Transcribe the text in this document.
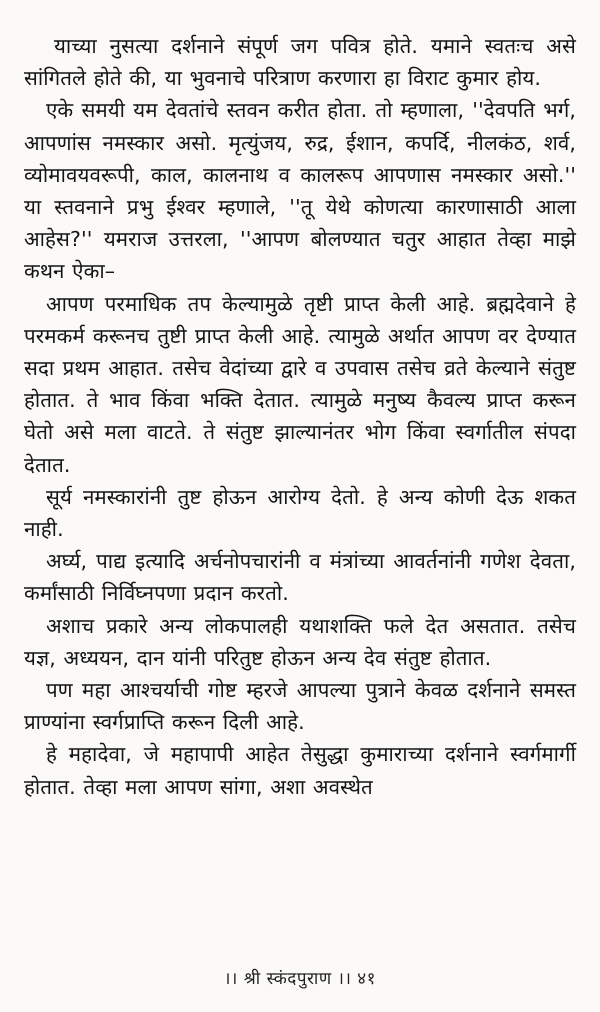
याच्या नुसत्या दर्शनाने संपूर्ण जग पवित्र होते. यमाने स्वतःच असे सांगितले होते की, या भुवनाचे परित्राण करणारा हा विराट कुमार होय.

एके समयी यम देवतांचे स्तवन करीत होता. तो म्हणाला, ''देवपति भर्ग, आपणांस नमस्कार असो. मृत्युंजय, रुद्र, ईशान, कपर्दि, नीलकंठ, शर्व, व्योमावयवरूपी, काल, कालनाथ व कालरूप आपणास नमस्कार असो.'' या स्तवनाने प्रभु ईश्वर म्हणाले, ''तू येथे कोणत्या कारणासाठी आला आहेस?'' यमराज उत्तरला, ''आपण बोलण्यात चतुर आहात तेव्हा माझे कथन ऐका–

आपण परमाधिक तप केल्यामुळे तृष्टी प्राप्त केली आहे. ब्रह्मदेवाने हे परमकर्म करूनच तुष्टी प्राप्त केली आहे. त्यामुळे अर्थात आपण वर देण्यात सदा प्रथम आहात. तसेच वेदांच्या द्वारे व उपवास तसेच व्रते केल्याने संतुष्ट होतात. ते भाव किंवा भक्ति देतात. त्यामुळे मनुष्य कैवल्य प्राप्त करून घेतो असे मला वाटते. ते संतुष्ट झाल्यानंतर भोग किंवा स्वर्गातील संपदा देतात.

सूर्य नमस्कारांनी तुष्ट होऊन आरोग्य देतो. हे अन्य कोणी देऊ शकत नाही.

अर्घ्य, पाद्य इत्यादि अर्चनोपचारांनी व मंत्रांच्या आवर्तनांनी गणेश देवता, कर्मांसाठी निर्विघ्नपणा प्रदान करतो.

अशाच प्रकारे अन्य लोकपालही यथाशक्ति फले देत असतात. तसेच यज्ञ, अध्ययन, दान यांनी परितुष्ट होऊन अन्य देव संतुष्ट होतात.

पण महा आश्चर्याची गोष्ट म्हरजे आपल्या पुत्राने केवळ दर्शनाने समस्त प्राण्यांना स्वर्गप्राप्ति करून दिली आहे.

हे महादेवा, जे महापापी आहेत तेसुद्धा कुमाराच्या दर्शनाने स्वर्गमार्गी होतात. तेव्हा मला आपण सांगा, अशा अवस्थेत

।। श्री स्कंदपुराण ।। ४१
